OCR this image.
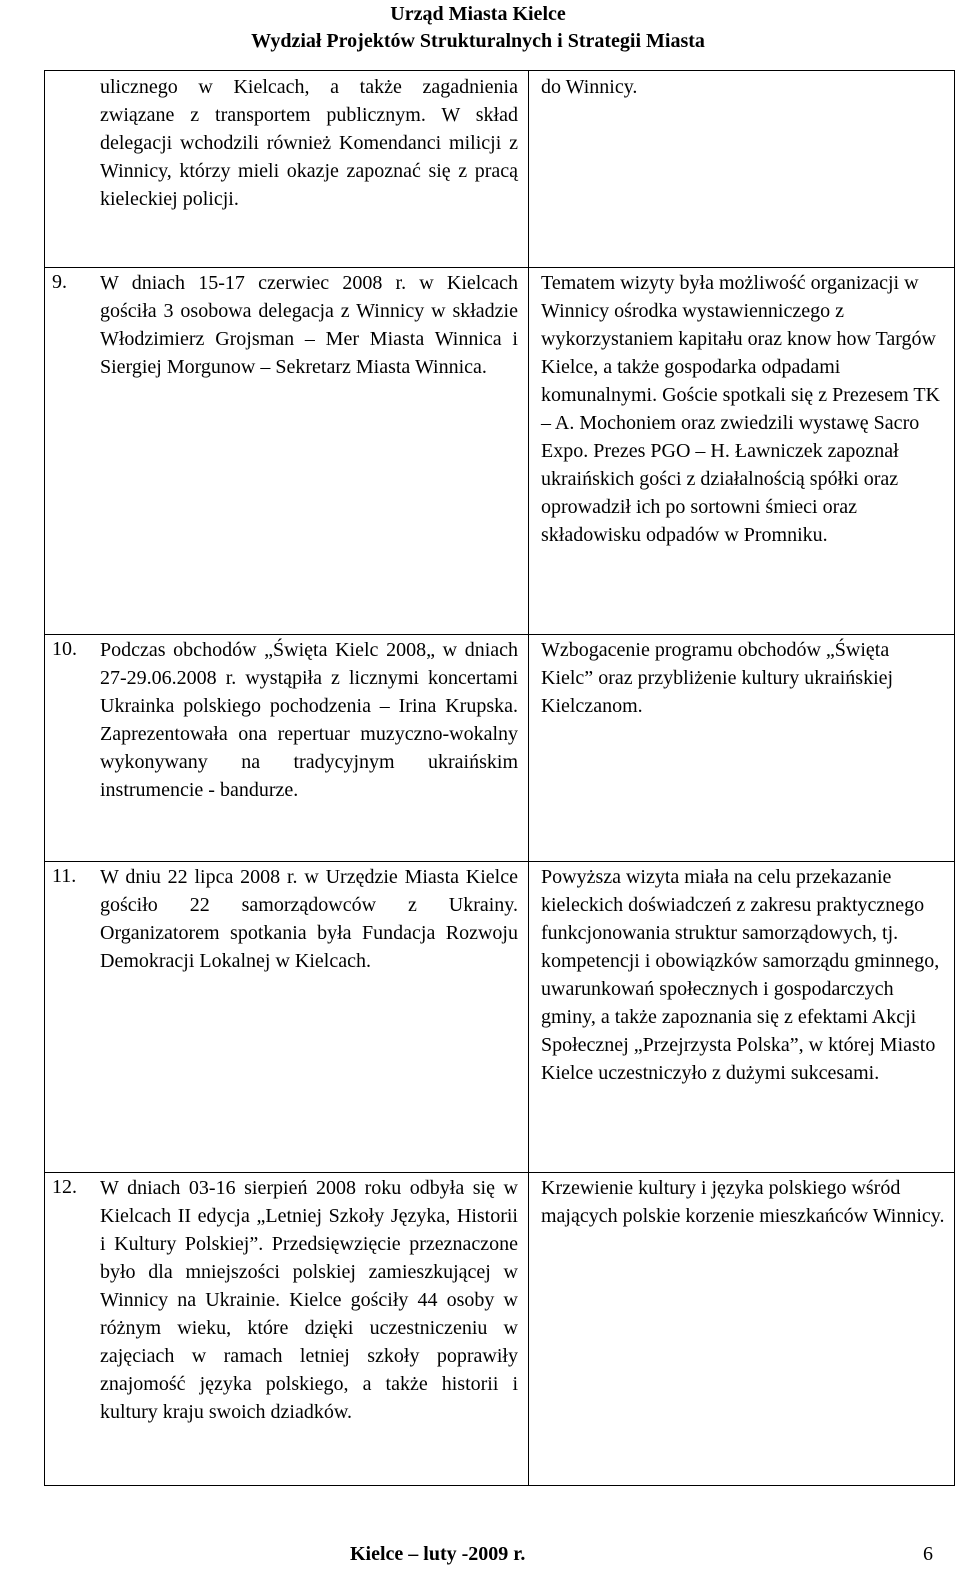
Urząd Miasta Kielce
Wydział Projektów Strukturalnych i Strategii Miasta
ulicznego w Kielcach, a także zagadnienia związane z transportem publicznym. W skład delegacji wchodzili również Komendanci milicji z Winnicy, którzy mieli okazje zapoznać się z pracą kieleckiej policji.	do Winnicy.

9. W dniach 15-17 czerwiec 2008 r. w Kielcach gościła 3 osobowa delegacja z Winnicy w składzie Włodzimierz Grojsman – Mer Miasta Winnica i Siergiej Morgunow – Sekretarz Miasta Winnica.	Tematem wizyty była możliwość organizacji w Winnicy ośrodka wystawienniczego z wykorzystaniem kapitału oraz know how Targów Kielce, a także gospodarka odpadami komunalnymi. Goście spotkali się z Prezesem TK – A. Mochoniem oraz zwiedzili wystawę Sacro Expo. Prezes PGO – H. Ławniczek zapoznał ukraińskich gości z działalnością spółki oraz oprowadził ich po sortowni śmieci oraz składowisku odpadów w Promniku.

10. Podczas obchodów „Święta Kielc 2008„ w dniach 27-29.06.2008 r. wystąpiła z licznymi koncertami Ukrainka polskiego pochodzenia – Irina Krupska. Zaprezentowała ona repertuar muzyczno-wokalny wykonywany na tradycyjnym ukraińskim instrumencie - bandurze.	Wzbogacenie programu obchodów „Święta Kielc” oraz przybliżenie kultury ukraińskiej Kielczanom.

11. W dniu 22 lipca 2008 r. w Urzędzie Miasta Kielce gościło 22 samorządowców z Ukrainy. Organizatorem spotkania była Fundacja Rozwoju Demokracji Lokalnej w Kielcach.	Powyższa wizyta miała na celu przekazanie kieleckich doświadczeń z zakresu praktycznego funkcjonowania struktur samorządowych, tj. kompetencji i obowiązków samorządu gminnego, uwarunkowań społecznych i gospodarczych gminy, a także zapoznania się z efektami Akcji Społecznej „Przejrzysta Polska”, w której Miasto Kielce uczestniczyło z dużymi sukcesami.

12. W dniach 03-16 sierpień 2008 roku odbyła się w Kielcach II edycja „Letniej Szkoły Języka, Historii i Kultury Polskiej”. Przedsięwzięcie przeznaczone było dla mniejszości polskiej zamieszkującej w Winnicy na Ukrainie. Kielce gościły 44 osoby w różnym wieku, które dzięki uczestniczeniu w zajęciach w ramach letniej szkoły poprawiły znajomość języka polskiego, a także historii i kultury kraju swoich dziadków.	Krzewienie kultury i języka polskiego wśród mających polskie korzenie mieszkańców Winnicy.
Kielce – luty -2009 r.	6
